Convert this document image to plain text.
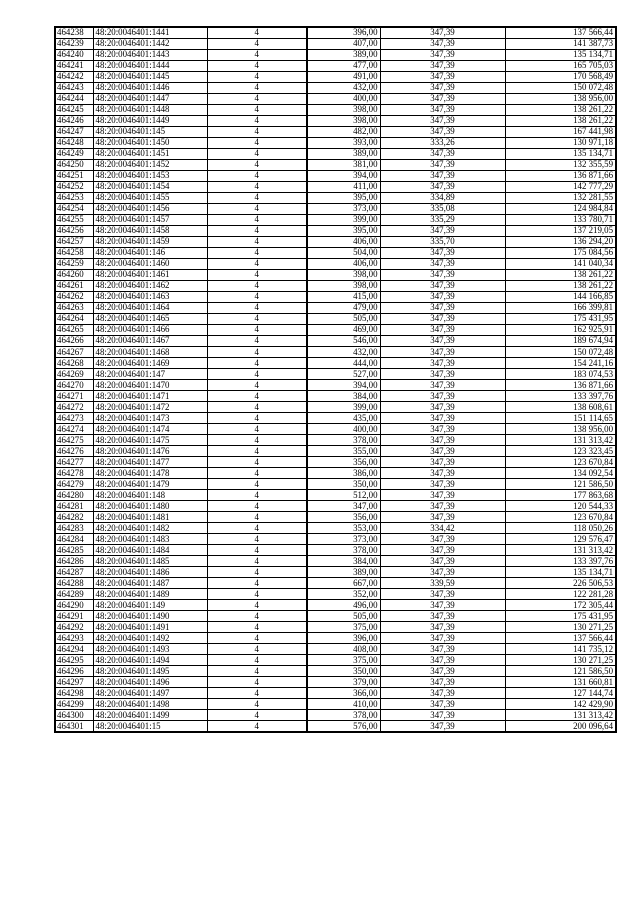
464238	48:20:0046401:1441	4	396,00	347,39	137 566,44
464239	48:20:0046401:1442	4	407,00	347,39	141 387,73
464240	48:20:0046401:1443	4	389,00	347,39	135 134,71
464241	48:20:0046401:1444	4	477,00	347,39	165 705,03
464242	48:20:0046401:1445	4	491,00	347,39	170 568,49
464243	48:20:0046401:1446	4	432,00	347,39	150 072,48
464244	48:20:0046401:1447	4	400,00	347,39	138 956,00
464245	48:20:0046401:1448	4	398,00	347,39	138 261,22
464246	48:20:0046401:1449	4	398,00	347,39	138 261,22
464247	48:20:0046401:145	4	482,00	347,39	167 441,98
464248	48:20:0046401:1450	4	393,00	333,26	130 971,18
464249	48:20:0046401:1451	4	389,00	347,39	135 134,71
464250	48:20:0046401:1452	4	381,00	347,39	132 355,59
464251	48:20:0046401:1453	4	394,00	347,39	136 871,66
464252	48:20:0046401:1454	4	411,00	347,39	142 777,29
464253	48:20:0046401:1455	4	395,00	334,89	132 281,55
464254	48:20:0046401:1456	4	373,00	335,08	124 984,84
464255	48:20:0046401:1457	4	399,00	335,29	133 780,71
464256	48:20:0046401:1458	4	395,00	347,39	137 219,05
464257	48:20:0046401:1459	4	406,00	335,70	136 294,20
464258	48:20:0046401:146	4	504,00	347,39	175 084,56
464259	48:20:0046401:1460	4	406,00	347,39	141 040,34
464260	48:20:0046401:1461	4	398,00	347,39	138 261,22
464261	48:20:0046401:1462	4	398,00	347,39	138 261,22
464262	48:20:0046401:1463	4	415,00	347,39	144 166,85
464263	48:20:0046401:1464	4	479,00	347,39	166 399,81
464264	48:20:0046401:1465	4	505,00	347,39	175 431,95
464265	48:20:0046401:1466	4	469,00	347,39	162 925,91
464266	48:20:0046401:1467	4	546,00	347,39	189 674,94
464267	48:20:0046401:1468	4	432,00	347,39	150 072,48
464268	48:20:0046401:1469	4	444,00	347,39	154 241,16
464269	48:20:0046401:147	4	527,00	347,39	183 074,53
464270	48:20:0046401:1470	4	394,00	347,39	136 871,66
464271	48:20:0046401:1471	4	384,00	347,39	133 397,76
464272	48:20:0046401:1472	4	399,00	347,39	138 608,61
464273	48:20:0046401:1473	4	435,00	347,39	151 114,65
464274	48:20:0046401:1474	4	400,00	347,39	138 956,00
464275	48:20:0046401:1475	4	378,00	347,39	131 313,42
464276	48:20:0046401:1476	4	355,00	347,39	123 323,45
464277	48:20:0046401:1477	4	356,00	347,39	123 670,84
464278	48:20:0046401:1478	4	386,00	347,39	134 092,54
464279	48:20:0046401:1479	4	350,00	347,39	121 586,50
464280	48:20:0046401:148	4	512,00	347,39	177 863,68
464281	48:20:0046401:1480	4	347,00	347,39	120 544,33
464282	48:20:0046401:1481	4	356,00	347,39	123 670,84
464283	48:20:0046401:1482	4	353,00	334,42	118 050,26
464284	48:20:0046401:1483	4	373,00	347,39	129 576,47
464285	48:20:0046401:1484	4	378,00	347,39	131 313,42
464286	48:20:0046401:1485	4	384,00	347,39	133 397,76
464287	48:20:0046401:1486	4	389,00	347,39	135 134,71
464288	48:20:0046401:1487	4	667,00	339,59	226 506,53
464289	48:20:0046401:1489	4	352,00	347,39	122 281,28
464290	48:20:0046401:149	4	496,00	347,39	172 305,44
464291	48:20:0046401:1490	4	505,00	347,39	175 431,95
464292	48:20:0046401:1491	4	375,00	347,39	130 271,25
464293	48:20:0046401:1492	4	396,00	347,39	137 566,44
464294	48:20:0046401:1493	4	408,00	347,39	141 735,12
464295	48:20:0046401:1494	4	375,00	347,39	130 271,25
464296	48:20:0046401:1495	4	350,00	347,39	121 586,50
464297	48:20:0046401:1496	4	379,00	347,39	131 660,81
464298	48:20:0046401:1497	4	366,00	347,39	127 144,74
464299	48:20:0046401:1498	4	410,00	347,39	142 429,90
464300	48:20:0046401:1499	4	378,00	347,39	131 313,42
464301	48:20:0046401:15	4	576,00	347,39	200 096,64
